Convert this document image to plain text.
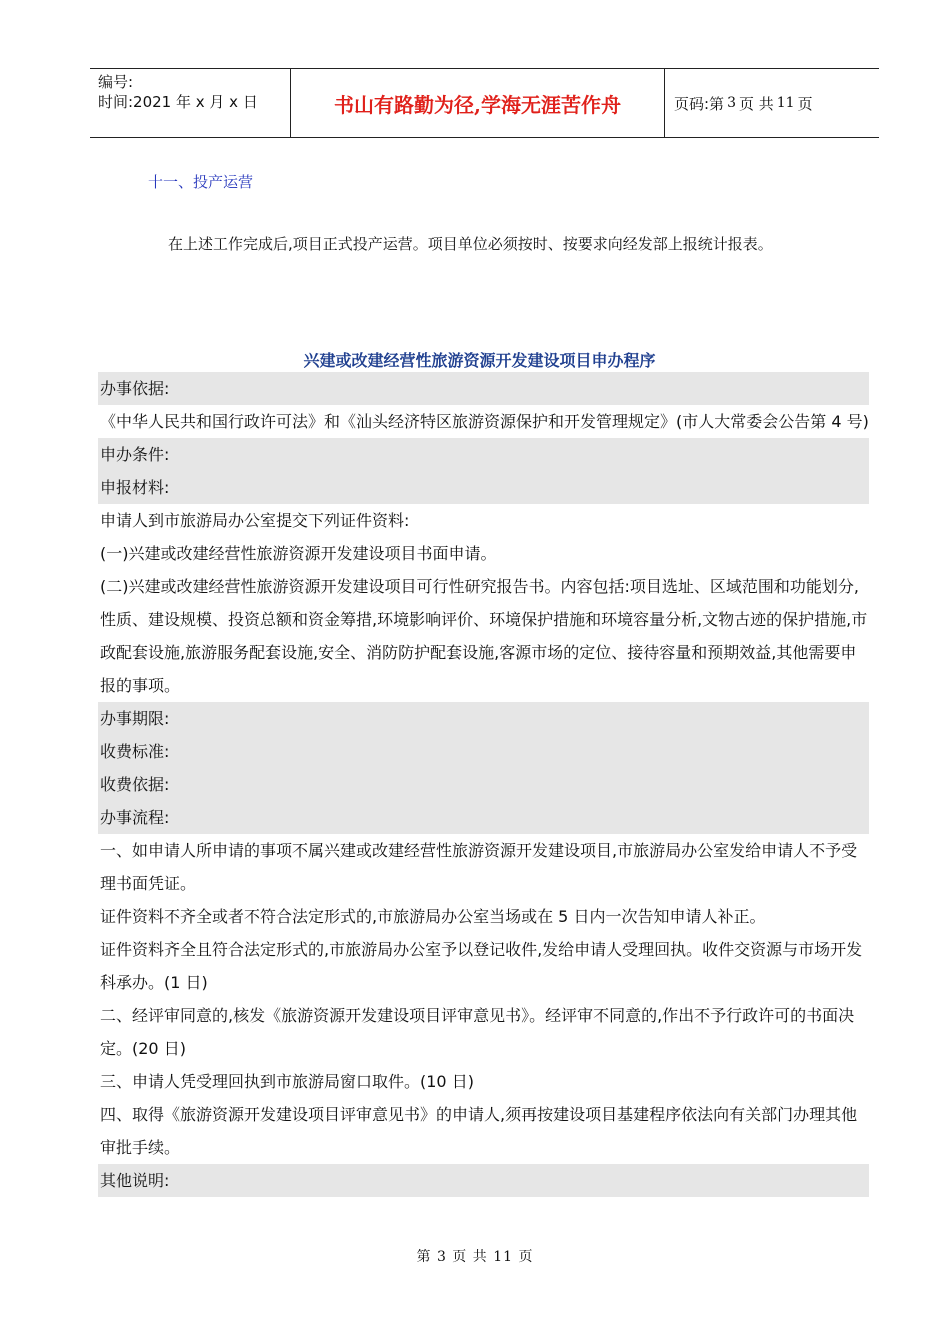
编号:
时间:2021 年 x 月 x 日	书山有路勤为径,学海无涯苦作舟	页码:第 3 页 共 11 页
十一、投产运营
在上述工作完成后,项目正式投产运营。项目单位必须按时、按要求向经发部上报统计报表。
兴建或改建经营性旅游资源开发建设项目申办程序
办事依据:
《中华人民共和国行政许可法》和《汕头经济特区旅游资源保护和开发管理规定》(市人大常委会公告第 4 号)
申办条件:
申报材料:
申请人到市旅游局办公室提交下列证件资料:
(一)兴建或改建经营性旅游资源开发建设项目书面申请。
(二)兴建或改建经营性旅游资源开发建设项目可行性研究报告书。内容包括:项目选址、区域范围和功能划分,性质、建设规模、投资总额和资金筹措,环境影响评价、环境保护措施和环境容量分析,文物古迹的保护措施,市政配套设施,旅游服务配套设施,安全、消防防护配套设施,客源市场的定位、接待容量和预期效益,其他需要申报的事项。
办事期限:
收费标准:
收费依据:
办事流程:
一、如申请人所申请的事项不属兴建或改建经营性旅游资源开发建设项目,市旅游局办公室发给申请人不予受理书面凭证。
证件资料不齐全或者不符合法定形式的,市旅游局办公室当场或在 5 日内一次告知申请人补正。
证件资料齐全且符合法定形式的,市旅游局办公室予以登记收件,发给申请人受理回执。收件交资源与市场开发科承办。(1 日)
二、经评审同意的,核发《旅游资源开发建设项目评审意见书》。经评审不同意的,作出不予行政许可的书面决定。(20 日)
三、申请人凭受理回执到市旅游局窗口取件。(10 日)
四、取得《旅游资源开发建设项目评审意见书》的申请人,须再按建设项目基建程序依法向有关部门办理其他审批手续。
其他说明:
第 3 页 共 11 页
